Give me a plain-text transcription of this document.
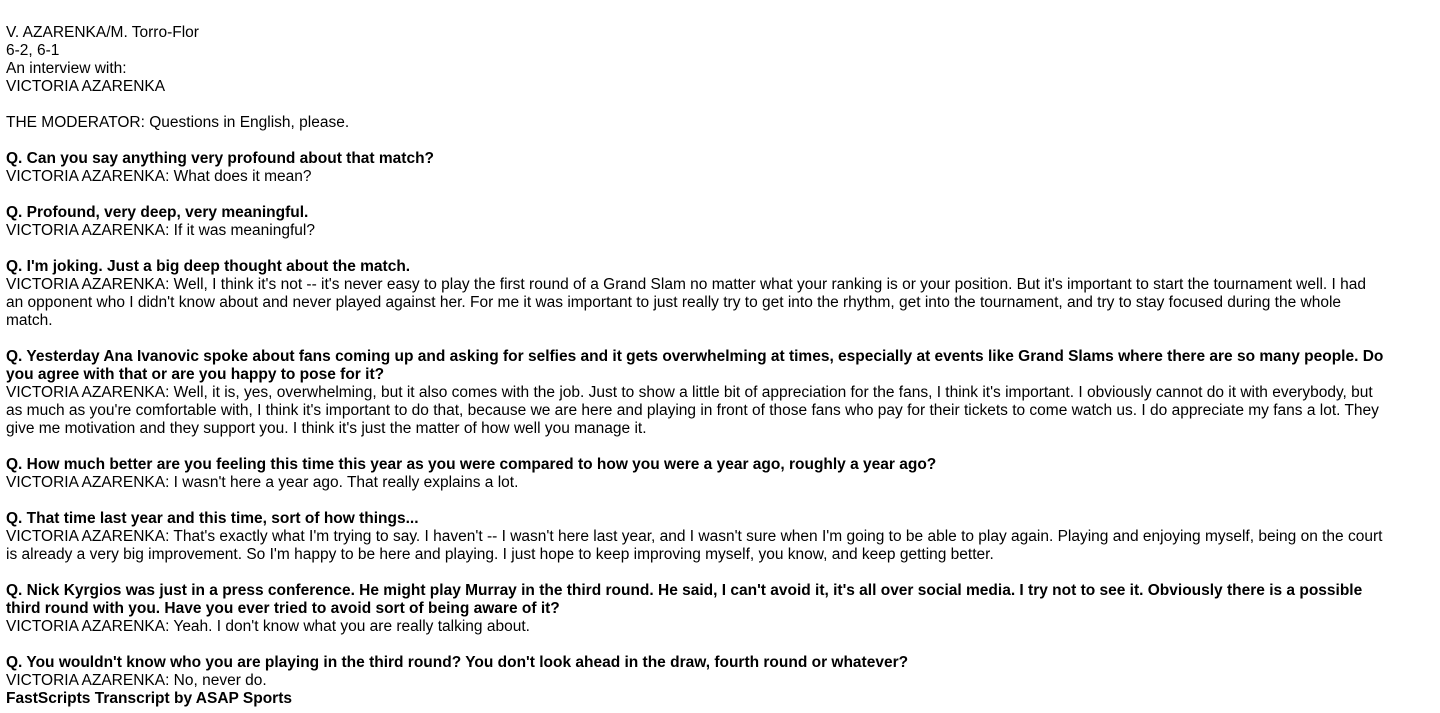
V. AZARENKA/M. Torro-Flor
6-2, 6-1
An interview with:
VICTORIA AZARENKA
THE MODERATOR: Questions in English, please.
Q. Can you say anything very profound about that match?
VICTORIA AZARENKA: What does it mean?
Q. Profound, very deep, very meaningful.
VICTORIA AZARENKA: If it was meaningful?
Q. I'm joking. Just a big deep thought about the match.
VICTORIA AZARENKA: Well, I think it's not -- it's never easy to play the first round of a Grand Slam no matter what your ranking is or your position. But it's important to start the tournament well. I had
an opponent who I didn't know about and never played against her. For me it was important to just really try to get into the rhythm, get into the tournament, and try to stay focused during the whole
match.
Q. Yesterday Ana Ivanovic spoke about fans coming up and asking for selfies and it gets overwhelming at times, especially at events like Grand Slams where there are so many people. Do
you agree with that or are you happy to pose for it?
VICTORIA AZARENKA: Well, it is, yes, overwhelming, but it also comes with the job. Just to show a little bit of appreciation for the fans, I think it's important. I obviously cannot do it with everybody, but
as much as you're comfortable with, I think it's important to do that, because we are here and playing in front of those fans who pay for their tickets to come watch us. I do appreciate my fans a lot. They
give me motivation and they support you. I think it's just the matter of how well you manage it.
Q. How much better are you feeling this time this year as you were compared to how you were a year ago, roughly a year ago?
VICTORIA AZARENKA: I wasn't here a year ago. That really explains a lot.
Q. That time last year and this time, sort of how things...
VICTORIA AZARENKA: That's exactly what I'm trying to say. I haven't -- I wasn't here last year, and I wasn't sure when I'm going to be able to play again. Playing and enjoying myself, being on the court
is already a very big improvement. So I'm happy to be here and playing. I just hope to keep improving myself, you know, and keep getting better.
Q. Nick Kyrgios was just in a press conference. He might play Murray in the third round. He said, I can't avoid it, it's all over social media. I try not to see it. Obviously there is a possible
third round with you. Have you ever tried to avoid sort of being aware of it?
VICTORIA AZARENKA: Yeah. I don't know what you are really talking about.
Q. You wouldn't know who you are playing in the third round? You don't look ahead in the draw, fourth round or whatever?
VICTORIA AZARENKA: No, never do.
FastScripts Transcript by ASAP Sports
